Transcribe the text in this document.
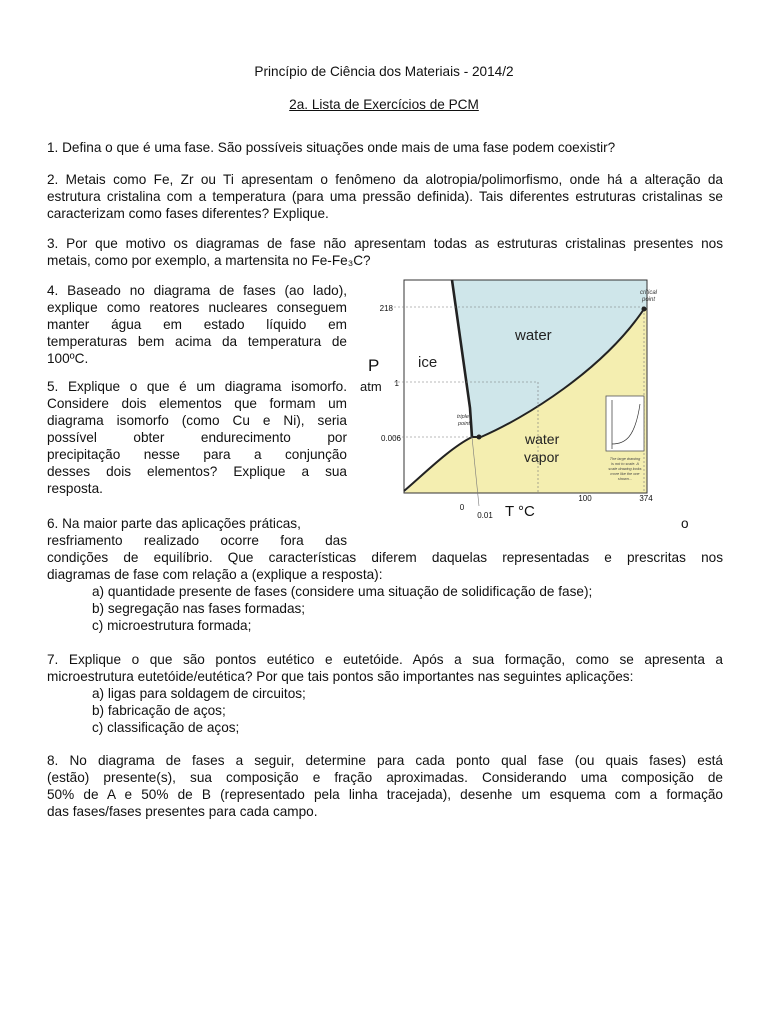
Princípio de Ciência dos Materiais - 2014/2
2a. Lista de Exercícios de PCM
1. Defina o que é uma fase. São possíveis situações onde mais de uma fase podem coexistir?
2. Metais como Fe, Zr ou Ti apresentam o fenômeno da alotropia/polimorfismo, onde há a alteração da
estrutura cristalina com a temperatura (para uma pressão definida). Tais diferentes estruturas cristalinas se
caracterizam como fases diferentes? Explique.
3. Por que motivo os diagramas de fase não apresentam todas as estruturas cristalinas presentes nos
metais, como por exemplo, a martensita no Fe-Fe₃C?
4. Baseado no diagrama de fases (ao lado),
explique como reatores nucleares conseguem
manter água em estado líquido em
temperaturas bem acima da temperatura de
100ºC.
5. Explique o que é um diagrama isomorfo.
Considere dois elementos que formam um
diagrama isomorfo (como Cu e Ni), seria
possível obter endurecimento por
precipitação nesse para a conjunção
desses dois elementos? Explique a sua
resposta.
P
atm
218
1
0.006
0
0.01
100	374
T °C
ice
water
water
vapor
critical
point
triple
point
The large drawing
is not to scale. A
scale drawing looks
more like the one
shown...
6. Na maior parte das aplicações práticas,	o
resfriamento realizado ocorre fora das
condições de equilíbrio. Que características diferem daquelas representadas e prescritas nos
diagramas de fase com relação a (explique a resposta):
a) quantidade presente de fases (considere uma situação de solidificação de fase);
b) segregação nas fases formadas;
c) microestrutura formada;
7. Explique o que são pontos eutético e eutetóide. Após a sua formação, como se apresenta a
microestrutura eutetóide/eutética? Por que tais pontos são importantes nas seguintes aplicações:
a) ligas para soldagem de circuitos;
b) fabricação de aços;
c) classificação de aços;
8. No diagrama de fases a seguir, determine para cada ponto qual fase (ou quais fases) está
(estão) presente(s), sua composição e fração aproximadas. Considerando uma composição de
50% de A e 50% de B (representado pela linha tracejada), desenhe um esquema com a formação
das fases/fases presentes para cada campo.
